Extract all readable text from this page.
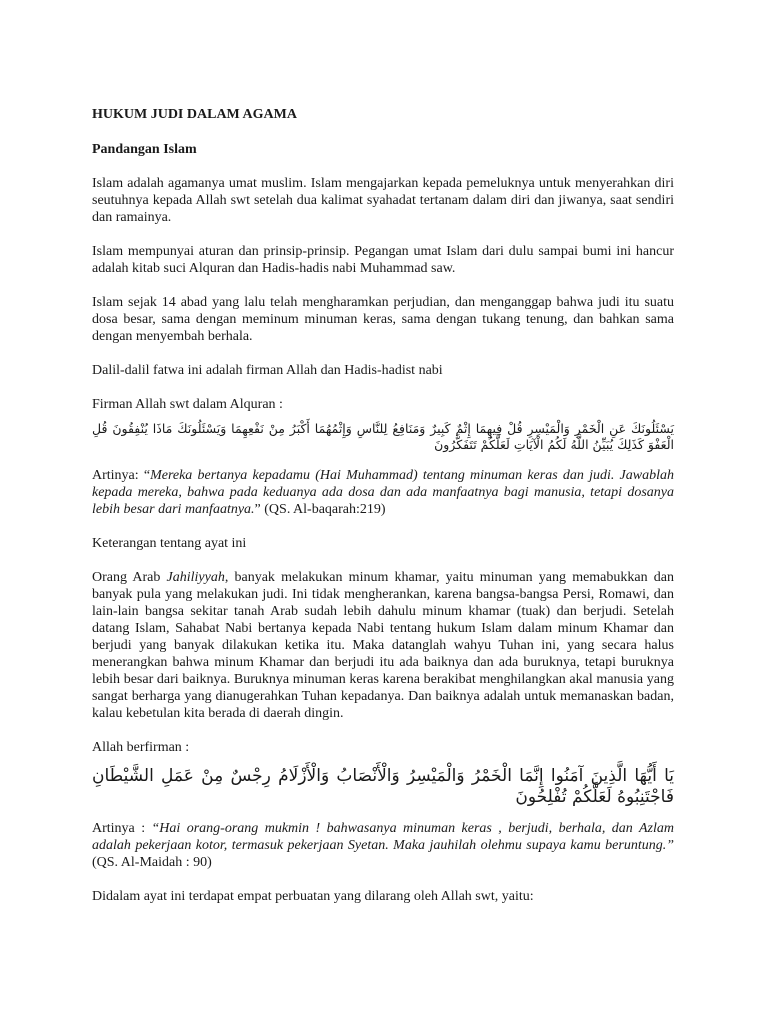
HUKUM JUDI DALAM AGAMA
Pandangan Islam

Islam adalah agamanya umat muslim. Islam mengajarkan kepada pemeluknya untuk menyerahkan diri seutuhnya kepada Allah swt setelah dua kalimat syahadat tertanam dalam diri dan jiwanya, saat sendiri dan ramainya.

Islam mempunyai aturan dan prinsip-prinsip. Pegangan umat Islam dari dulu sampai bumi ini hancur adalah kitab suci Alquran dan Hadis-hadis nabi Muhammad saw.

Islam sejak 14 abad yang lalu telah mengharamkan perjudian, dan menganggap bahwa judi itu suatu dosa besar, sama dengan meminum minuman keras, sama dengan tukang tenung, dan bahkan sama dengan menyembah berhala.

Dalil-dalil fatwa ini adalah firman Allah dan Hadis-hadist nabi

Firman Allah swt dalam Alquran :

يَسْئَلُونَكَ عَنِ الْخَمْرِ وَالْمَيْسِرِ قُلْ فِيهِمَا إِثْمٌ كَبِيرٌ وَمَنَافِعُ لِلنَّاسِ وَإِثْمُهُمَا أَكْبَرُ مِنْ نَفْعِهِمَا وَيَسْئَلُونَكَ مَاذَا يُنْفِقُونَ قُلِ الْعَفْوَ كَذَلِكَ يُبَيِّنُ اللَّهُ لَكُمُ الْآيَاتِ لَعَلَّكُمْ تَتَفَكَّرُونَ

Artinya: “Mereka bertanya kepadamu (Hai Muhammad) tentang minuman keras dan judi. Jawablah kepada mereka, bahwa pada keduanya ada dosa dan ada manfaatnya bagi manusia, tetapi dosanya lebih besar dari manfaatnya.” (QS. Al-baqarah:219)

Keterangan tentang ayat ini

Orang Arab Jahiliyyah, banyak melakukan minum khamar, yaitu minuman yang memabukkan dan banyak pula yang melakukan judi. Ini tidak mengherankan, karena bangsa-bangsa Persi, Romawi, dan lain-lain bangsa sekitar tanah Arab sudah lebih dahulu minum khamar (tuak) dan berjudi. Setelah datang Islam, Sahabat Nabi bertanya kepada Nabi tentang hukum Islam dalam minum Khamar dan berjudi yang banyak dilakukan ketika itu. Maka datanglah wahyu Tuhan ini, yang secara halus menerangkan bahwa minum Khamar dan berjudi itu ada baiknya dan ada buruknya, tetapi buruknya lebih besar dari baiknya. Buruknya minuman keras karena berakibat menghilangkan akal manusia yang sangat berharga yang dianugerahkan Tuhan kepadanya. Dan baiknya adalah untuk memanaskan badan, kalau kebetulan kita berada di daerah dingin.

Allah berfirman :

يَا أَيُّهَا الَّذِينَ آمَنُوا إِنَّمَا الْخَمْرُ وَالْمَيْسِرُ وَالْأَنْصَابُ وَالْأَزْلَامُ رِجْسٌ مِنْ عَمَلِ الشَّيْطَانِ فَاجْتَنِبُوهُ لَعَلَّكُمْ تُفْلِحُونَ

Artinya : “Hai orang-orang mukmin ! bahwasanya minuman keras , berjudi, berhala, dan Azlam adalah pekerjaan kotor, termasuk pekerjaan Syetan. Maka jauhilah olehmu supaya kamu beruntung.” (QS. Al-Maidah : 90)

Didalam ayat ini terdapat empat perbuatan yang dilarang oleh Allah swt, yaitu:
